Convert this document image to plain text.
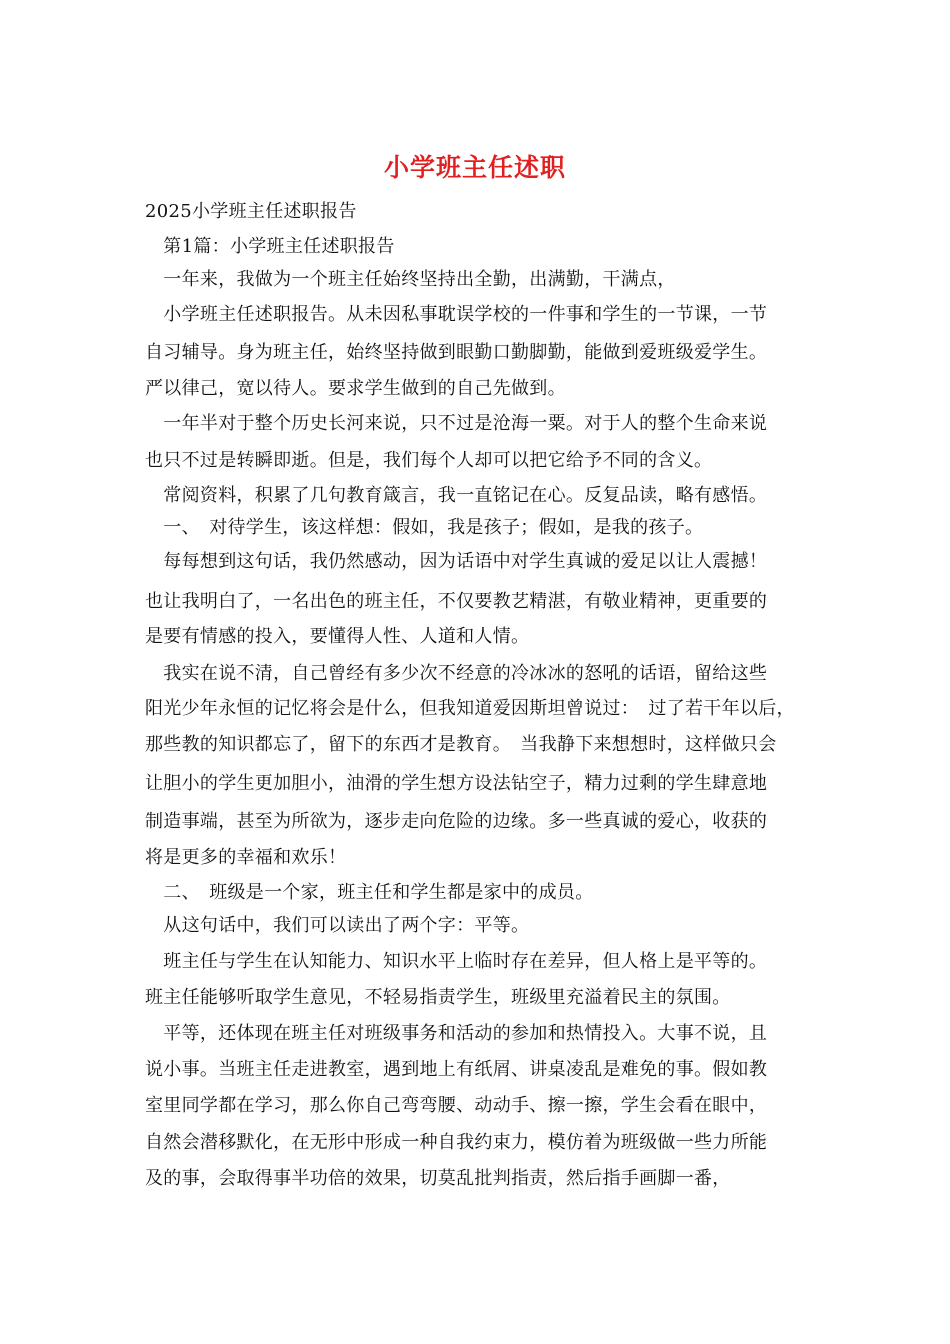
小学班主任述职
2025小学班主任述职报告
　第1篇：小学班主任述职报告
　一年来，我做为一个班主任始终坚持出全勤，出满勤，干满点，
　小学班主任述职报告。从未因私事耽误学校的一件事和学生的一节课，一节
自习辅导。身为班主任，始终坚持做到眼勤口勤脚勤，能做到爱班级爱学生。
严以律己，宽以待人。要求学生做到的自己先做到。
　一年半对于整个历史长河来说，只不过是沧海一粟。对于人的整个生命来说
也只不过是转瞬即逝。但是，我们每个人却可以把它给予不同的含义。
　常阅资料，积累了几句教育箴言，我一直铭记在心。反复品读，略有感悟。
　一、　对待学生，该这样想：假如，我是孩子；假如，是我的孩子。
　每每想到这句话，我仍然感动，因为话语中对学生真诚的爱足以让人震撼！
也让我明白了，一名出色的班主任，不仅要教艺精湛，有敬业精神，更重要的
是要有情感的投入，要懂得人性、人道和人情。
　我实在说不清，自己曾经有多少次不经意的冷冰冰的怒吼的话语，留给这些
阳光少年永恒的记忆将会是什么，但我知道爱因斯坦曾说过：　过了若干年以后，
那些教的知识都忘了，留下的东西才是教育。　当我静下来想想时，这样做只会
让胆小的学生更加胆小，油滑的学生想方设法钻空子，精力过剩的学生肆意地
制造事端，甚至为所欲为，逐步走向危险的边缘。多一些真诚的爱心，收获的
将是更多的幸福和欢乐！
　二、　班级是一个家，班主任和学生都是家中的成员。
　从这句话中，我们可以读出了两个字：平等。
　班主任与学生在认知能力、知识水平上临时存在差异，但人格上是平等的。
班主任能够听取学生意见，不轻易指责学生，班级里充溢着民主的氛围。
　平等，还体现在班主任对班级事务和活动的参加和热情投入。大事不说，且
说小事。当班主任走进教室，遇到地上有纸屑、讲桌凌乱是难免的事。假如教
室里同学都在学习，那么你自己弯弯腰、动动手、擦一擦，学生会看在眼中，
自然会潜移默化，在无形中形成一种自我约束力，模仿着为班级做一些力所能
及的事，会取得事半功倍的效果，切莫乱批判指责，然后指手画脚一番，
